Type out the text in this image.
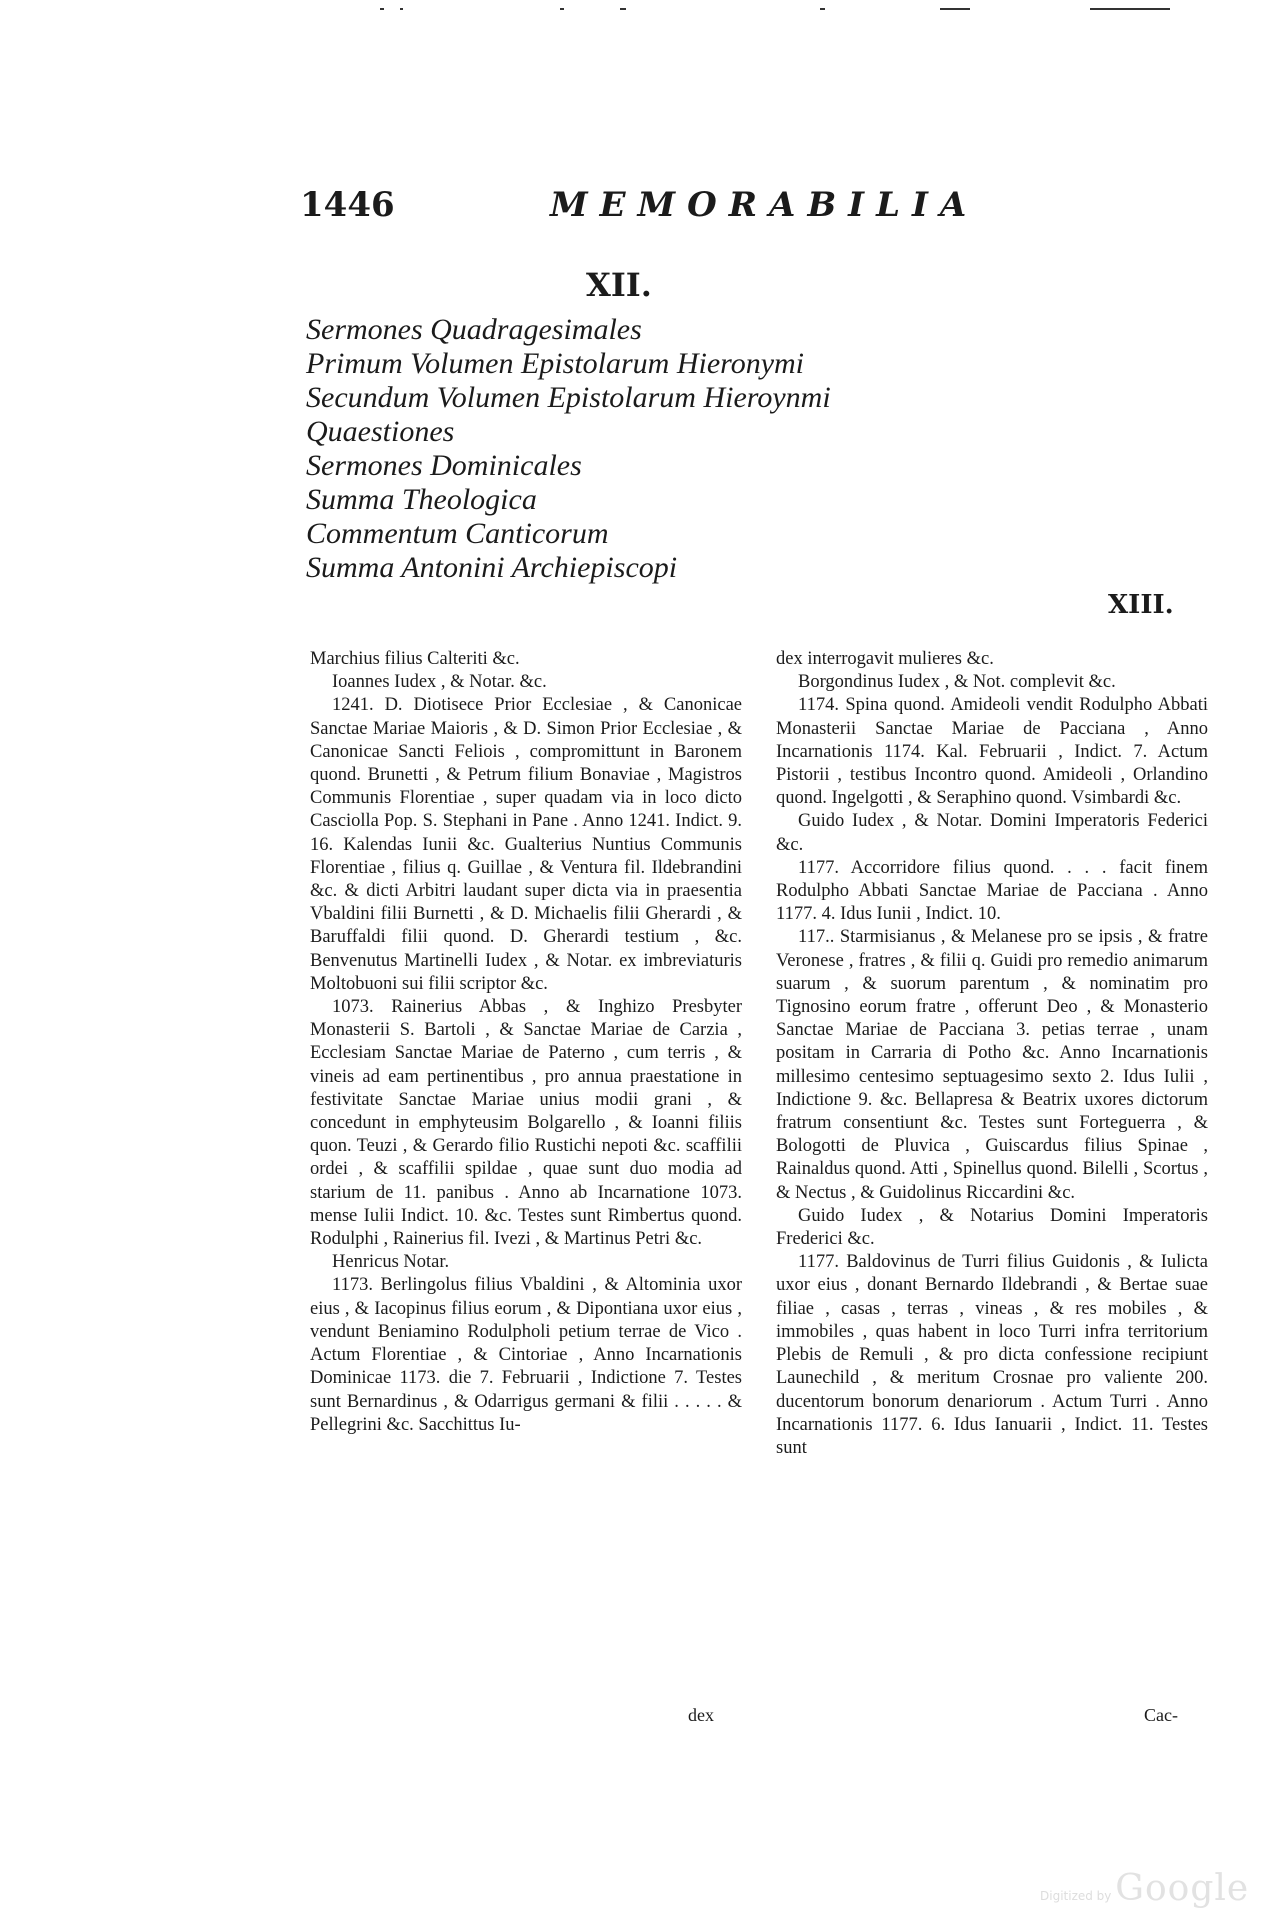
1446	MEMORABILIA
XII.
Sermones Quadragesimales
Primum Volumen Epistolarum Hieronymi
Secundum Volumen Epistolarum Hieroynmi
Quaestiones
Sermones Dominicales
Summa Theologica
Commentum Canticorum
Summa Antonini Archiepiscopi
XIII.

Marchius filius Calteriti &c.

Ioannes Iudex , & Notar. &c.

1241. D. Diotisece Prior Ecclesiae , & Canonicae Sanctae Mariae Maioris , & D. Simon Prior Ecclesiae , & Canonicae Sancti Feliois , compromittunt in Baronem quond. Brunetti , & Petrum filium Bonaviae , Magistros Communis Florentiae , super quadam via in loco dicto Casciolla Pop. S. Stephani in Pane . Anno 1241. Indict. 9. 16. Kalendas Iunii &c. Gualterius Nuntius Communis Florentiae , filius q. Guillae , & Ventura fil. Ildebrandini &c. & dicti Arbitri laudant super dicta via in praesentia Vbaldini filii Burnetti , & D. Michaelis filii Gherardi , & Baruffaldi filii quond. D. Gherardi testium , &c. Benvenutus Martinelli Iudex , & Notar. ex imbreviaturis Moltobuoni sui filii scriptor &c.

1073. Rainerius Abbas , & Inghizo Presbyter Monasterii S. Bartoli , & Sanctae Mariae de Carzia , Ecclesiam Sanctae Mariae de Paterno , cum terris , & vineis ad eam pertinentibus , pro annua praestatione in festivitate Sanctae Mariae unius modii grani , & concedunt in emphyteusim Bolgarello , & Ioanni filiis quon. Teuzi , & Gerardo filio Rustichi nepoti &c. scaffilii ordei , & scaffilii spildae , quae sunt duo modia ad starium de 11. panibus . Anno ab Incarnatione 1073. mense Iulii Indict. 10. &c. Testes sunt Rimbertus quond. Rodulphi , Rainerius fil. Ivezi , & Martinus Petri &c.

Henricus Notar.

1173. Berlingolus filius Vbaldini , & Altominia uxor eius , & Iacopinus filius eorum , & Dipontiana uxor eius , vendunt Beniamino Rodulpholi petium terrae de Vico . Actum Florentiae , & Cintoriae , Anno Incarnationis Dominicae 1173. die 7. Februarii , Indictione 7. Testes sunt Bernardinus , & Odarrigus germani & filii . . . . . & Pellegrini &c. Sacchittus Iu-

dex interrogavit mulieres &c.

Borgondinus Iudex , & Not. complevit &c.

1174. Spina quond. Amideoli vendit Rodulpho Abbati Monasterii Sanctae Mariae de Pacciana , Anno Incarnationis 1174. Kal. Februarii , Indict. 7. Actum Pistorii , testibus Incontro quond. Amideoli , Orlandino quond. Ingelgotti , & Seraphino quond. Vsimbardi &c.

Guido Iudex , & Notar. Domini Imperatoris Federici &c.

1177. Accorridore filius quond. . . . facit finem Rodulpho Abbati Sanctae Mariae de Pacciana . Anno 1177. 4. Idus Iunii , Indict. 10.

117.. Starmisianus , & Melanese pro se ipsis , & fratre Veronese , fratres , & filii q. Guidi pro remedio animarum suarum , & suorum parentum , & nominatim pro Tignosino eorum fratre , offerunt Deo , & Monasterio Sanctae Mariae de Pacciana 3. petias terrae , unam positam in Carraria di Potho &c. Anno Incarnationis millesimo centesimo septuagesimo sexto 2. Idus Iulii , Indictione 9. &c. Bellapresa & Beatrix uxores dictorum fratrum consentiunt &c. Testes sunt Forteguerra , & Bologotti de Pluvica , Guiscardus filius Spinae , Rainaldus quond. Atti , Spinellus quond. Bilelli , Scortus , & Nectus , & Guidolinus Riccardini &c.

Guido Iudex , & Notarius Domini Imperatoris Frederici &c.

1177. Baldovinus de Turri filius Guidonis , & Iulicta uxor eius , donant Bernardo Ildebrandi , & Bertae suae filiae , casas , terras , vineas , & res mobiles , & immobiles , quas habent in loco Turri infra territorium Plebis de Remuli , & pro dicta confessione recipiunt Launechild , & meritum Crosnae pro valiente 200. ducentorum bonorum denariorum . Actum Turri . Anno Incarnationis 1177. 6. Idus Ianuarii , Indict. 11. Testes sunt

dex	Cac-
Digitized by Google
